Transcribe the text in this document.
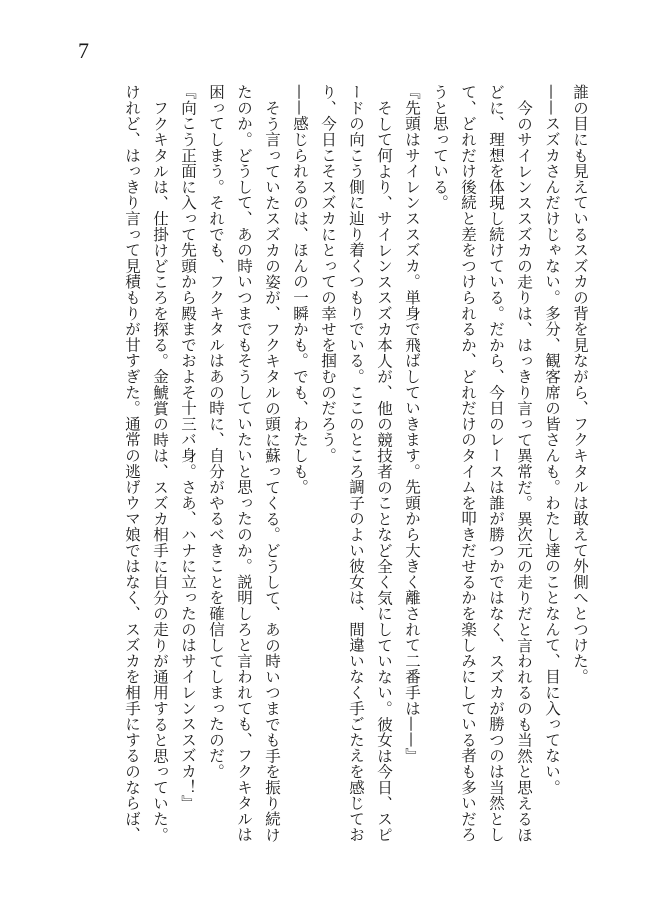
7
誰の目にも見えているスズカの背を見ながら、フクキタルは敢えて外側へとつけた。
——スズカさんだけじゃない。多分、観客席の皆さんも。わたし達のことなんて、目に入ってない。
今のサイレンススズカの走りは、はっきり言って異常だ。異次元の走りだと言われるのも当然と思えるほ
どに、理想を体現し続けている。だから、今日のレースは誰が勝つかではなく、スズカが勝つのは当然とし
て、どれだけ後続と差をつけられるか、どれだけのタイムを叩きだせるかを楽しみにしている者も多いだろ
うと思っている。
『先頭はサイレンススズカ。単身で飛ばしていきます。先頭から大きく離されて二番手は——』
そして何より、サイレンススズカ本人が、他の競技者のことなど全く気にしていない。彼女は今日、スピ
ードの向こう側に辿り着くつもりでいる。ここのところ調子のよい彼女は、間違いなく手ごたえを感じてお
り、今日こそスズカにとっての幸せを掴むのだろう。
——感じられるのは、ほんの一瞬かも。でも、わたしも。
そう言っていたスズカの姿が、フクキタルの頭に蘇ってくる。どうして、あの時いつまでも手を振り続け
たのか。どうして、あの時いつまでもそうしていたいと思ったのか。説明しろと言われても、フクキタルは
困ってしまう。それでも、フクキタルはあの時に、自分がやるべきことを確信してしまったのだ。
『向こう正面に入って先頭から殿までおよそ十三バ身。さあ、ハナに立ったのはサイレンススズカ！』
フクキタルは、仕掛けどころを探る。金鯱賞の時は、スズカ相手に自分の走りが通用すると思っていた。
けれど、はっきり言って見積もりが甘すぎた。通常の逃げウマ娘ではなく、スズカを相手にするのならば、
